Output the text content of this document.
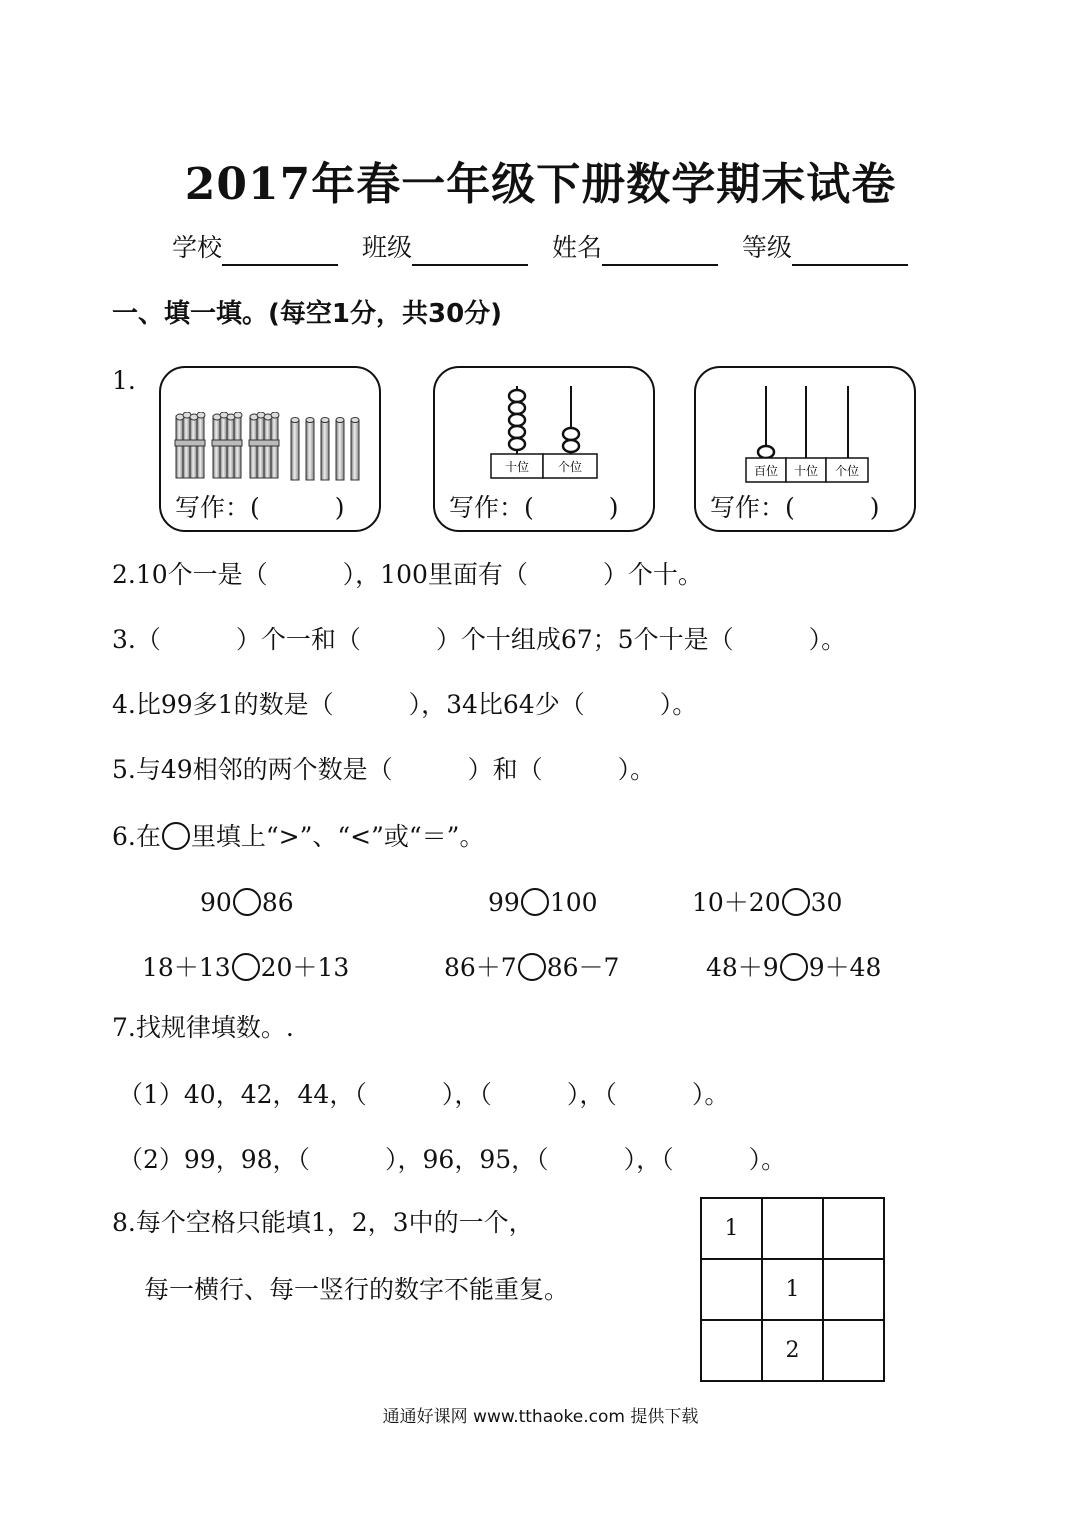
2017年春一年级下册数学期末试卷
学校	班级	姓名	等级
一、填一填。(每空1分，共30分)
1.
写作：(　　　)
十位 个位
写作：(　　　)
百位 十位 个位
写作：(　　　)
2.10个一是（　　　），100里面有（　　　）个十。
3.（　　　）个一和（　　　）个十组成67；5个十是（　　　）。
4.比99多1的数是（　　　），34比64少（　　　）。
5.与49相邻的两个数是（　　　）和（　　　）。
6.在 里填上“>”、“<”或“＝”。
90 86	99 100	10＋20 30
18＋13 20＋13	86＋7 86－7	48＋9 9＋48
7.找规律填数。.
（1）40，42，44，（　　　），（　　　），（　　　）。
（2）99，98，（　　　），96，95，（　　　），（　　　）。
8.每个空格只能填1，2，3中的一个，
每一横行、每一竖行的数字不能重复。
1		
	1	
	2	
通通好课网 www.tthaoke.com 提供下载
